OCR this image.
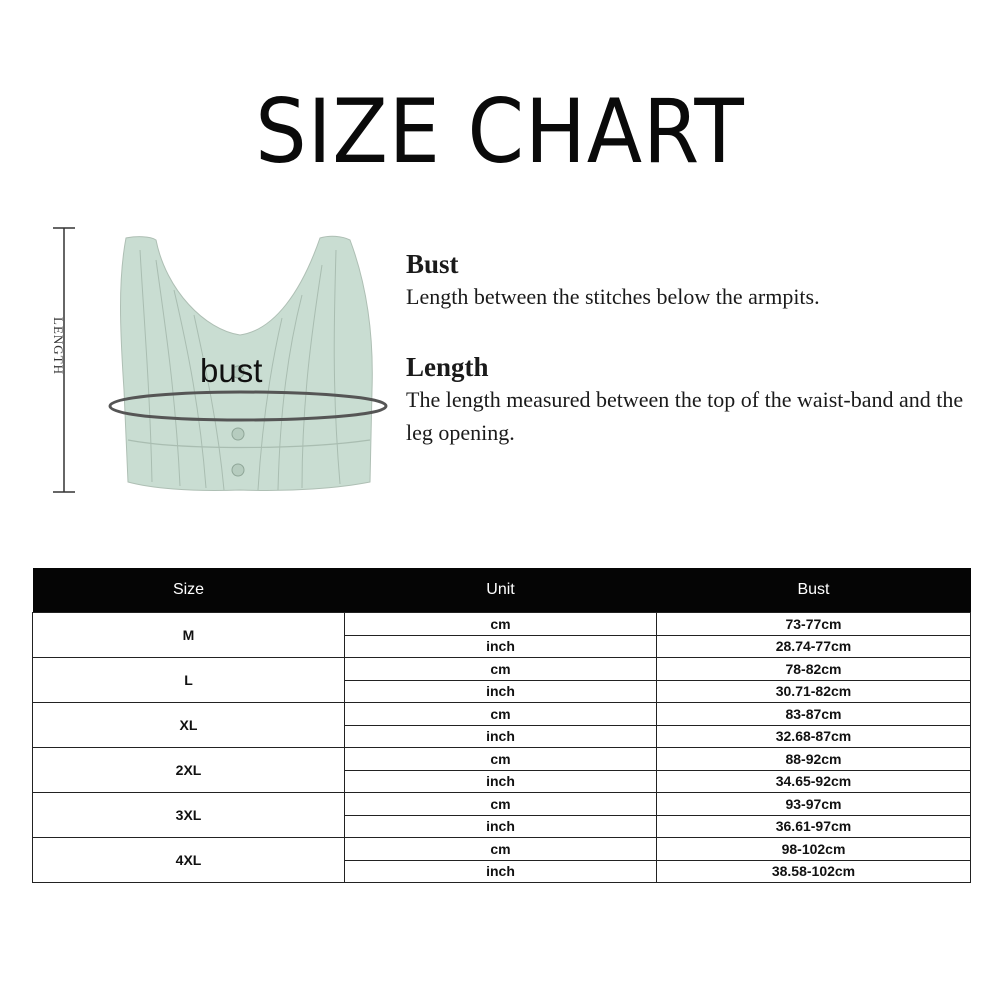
SIZE CHART
LENGTH	bust
Bust
Length between the stitches below the armpits.
Length
The length measured between the top of the waist-band and the leg opening.
Size	Unit	Bust
M	cm	73-77cm
	inch	28.74-77cm
L	cm	78-82cm
	inch	30.71-82cm
XL	cm	83-87cm
	inch	32.68-87cm
2XL	cm	88-92cm
	inch	34.65-92cm
3XL	cm	93-97cm
	inch	36.61-97cm
4XL	cm	98-102cm
	inch	38.58-102cm
